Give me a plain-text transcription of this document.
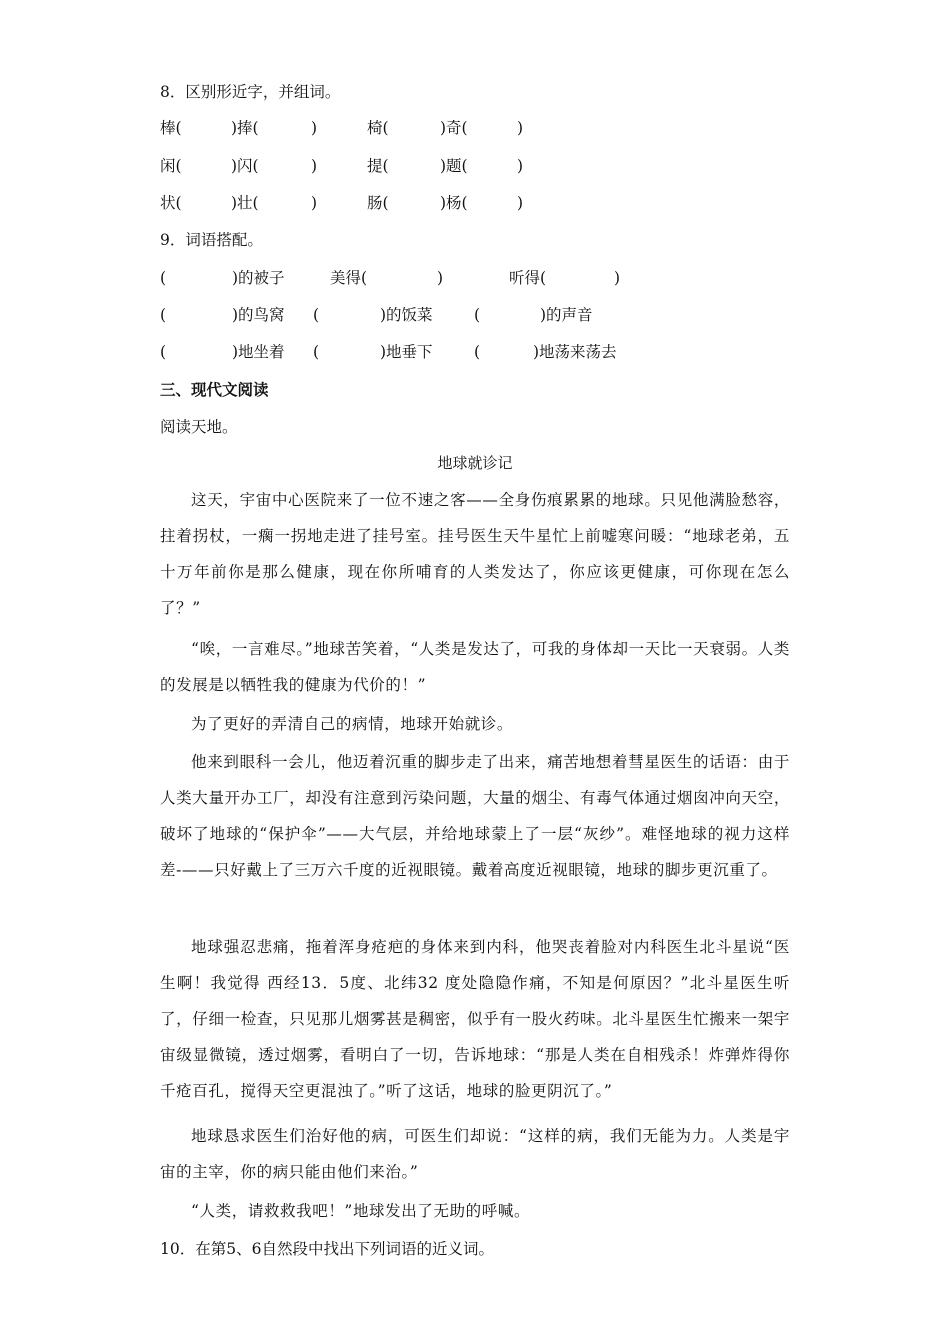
8．区别形近字，并组词。
棒(	)捧(	)	椅(	)奇(	)
闲(	)闪(	)	提(	)题(	)
状(	)壮(	)	肠(	)杨(	)
9．词语搭配。
(	)的被子	美得(	)	听得(	)
(	)的鸟窝 (	)的饭菜	(	)的声音
(	)地坐着 (	)地垂下	(	)地荡来荡去
三、现代文阅读
阅读天地。
地球就诊记

这天，宇宙中心医院来了一位不速之客——全身伤痕累累的地球。只见他满脸愁容，拄着拐杖，一瘸一拐地走进了挂号室。挂号医生天牛星忙上前嘘寒问暖：“地球老弟，五十万年前你是那么健康，现在你所哺育的人类发达了，你应该更健康，可你现在怎么了？”

“唉，一言难尽。”地球苦笑着，“人类是发达了，可我的身体却一天比一天衰弱。人类的发展是以牺牲我的健康为代价的！”

为了更好的弄清自己的病情，地球开始就诊。

他来到眼科一会儿，他迈着沉重的脚步走了出来，痛苦地想着彗星医生的话语：由于人类大量开办工厂，却没有注意到污染问题，大量的烟尘、有毒气体通过烟囱冲向天空，破坏了地球的“保护伞”——大气层，并给地球蒙上了一层“灰纱”。难怪地球的视力这样差-——只好戴上了三万六千度的近视眼镜。戴着高度近视眼镜，地球的脚步更沉重了。

地球强忍悲痛，拖着浑身疮疤的身体来到内科，他哭丧着脸对内科医生北斗星说“医生啊！我觉得 西经13．5度、北纬32 度处隐隐作痛，不知是何原因？”北斗星医生听了，仔细一检查，只见那儿烟雾甚是稠密，似乎有一股火药味。北斗星医生忙搬来一架宇宙级显微镜，透过烟雾，看明白了一切，告诉地球：“那是人类在自相残杀！炸弹炸得你千疮百孔，搅得天空更混浊了。”听了这话，地球的脸更阴沉了。”

地球恳求医生们治好他的病，可医生们却说：“这样的病，我们无能为力。人类是宇宙的主宰，你的病只能由他们来治。”

“人类，请救救我吧！”地球发出了无助的呼喊。

10．在第5、6自然段中找出下列词语的近义词。
